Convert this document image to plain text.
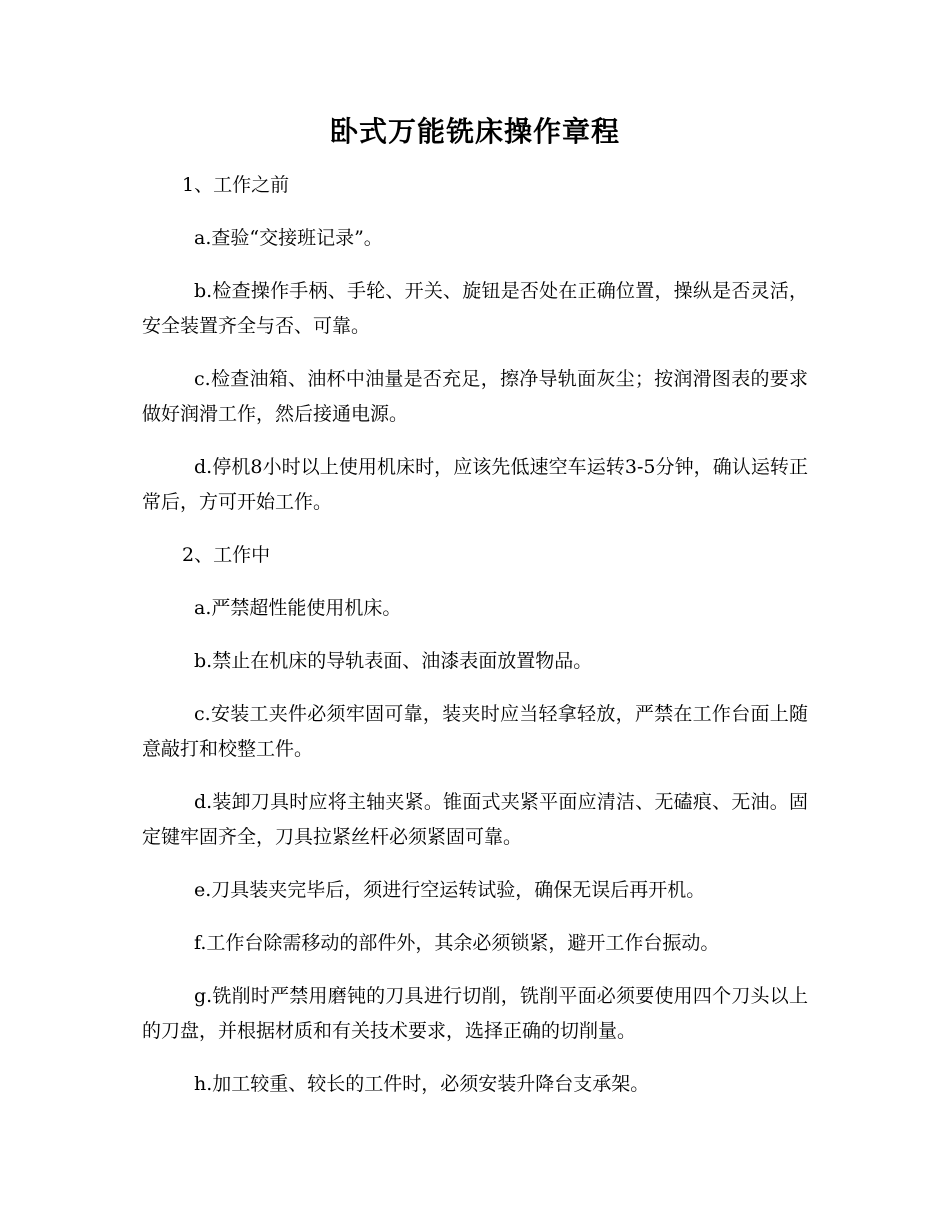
卧式万能铣床操作章程

1、工作之前

a.查验“交接班记录”。

b.检查操作手柄、手轮、开关、旋钮是否处在正确位置，操纵是否灵活，安全装置齐全与否、可靠。

c.检查油箱、油杯中油量是否充足，擦净导轨面灰尘；按润滑图表的要求做好润滑工作，然后接通电源。

d.停机8小时以上使用机床时，应该先低速空车运转3-5分钟，确认运转正常后，方可开始工作。

2、工作中

a.严禁超性能使用机床。

b.禁止在机床的导轨表面、油漆表面放置物品。

c.安装工夹件必须牢固可靠，装夹时应当轻拿轻放，严禁在工作台面上随意敲打和校整工件。

d.装卸刀具时应将主轴夹紧。锥面式夹紧平面应清洁、无磕痕、无油。固定键牢固齐全，刀具拉紧丝杆必须紧固可靠。

e.刀具装夹完毕后，须进行空运转试验，确保无误后再开机。

f.工作台除需移动的部件外，其余必须锁紧，避开工作台振动。

g.铣削时严禁用磨钝的刀具进行切削，铣削平面必须要使用四个刀头以上的刀盘，并根据材质和有关技术要求，选择正确的切削量。

h.加工较重、较长的工件时，必须安装升降台支承架。
